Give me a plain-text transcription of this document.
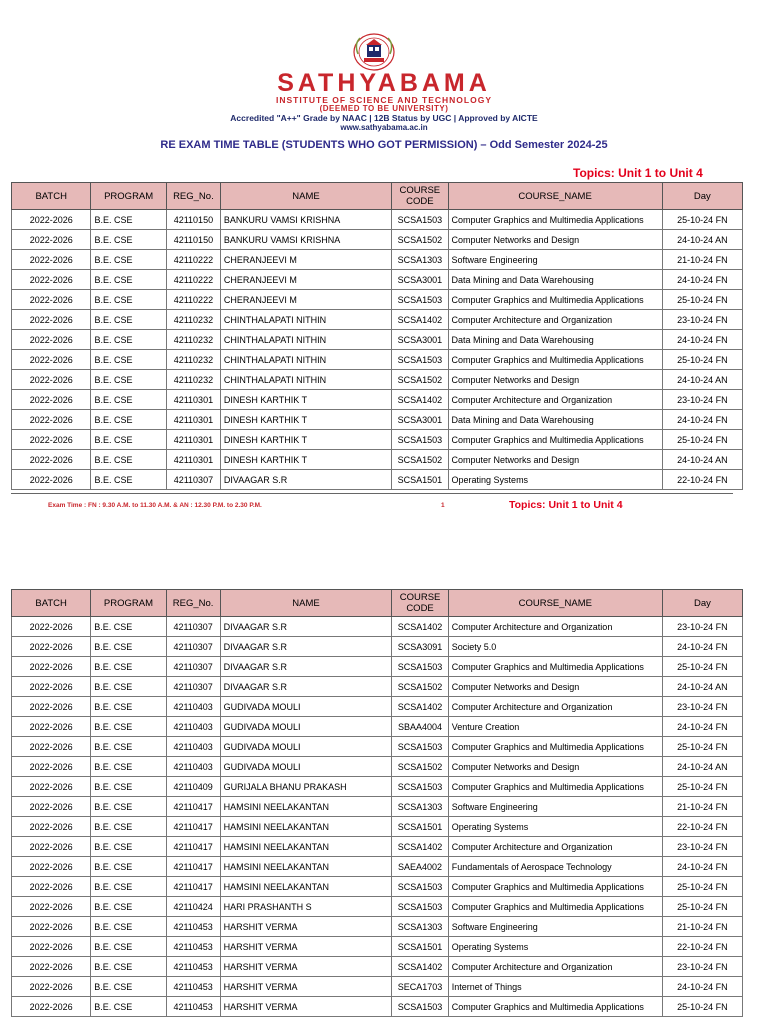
SATHYABAMA
INSTITUTE OF SCIENCE AND TECHNOLOGY
(DEEMED TO BE UNIVERSITY)
Accredited "A++" Grade by NAAC | 12B Status by UGC | Approved by AICTE
www.sathyabama.ac.in
RE EXAM TIME TABLE (STUDENTS WHO GOT PERMISSION) – Odd Semester 2024-25
Topics: Unit 1 to Unit 4
BATCH	PROGRAM	REG_No.	NAME	COURSE CODE	COURSE_NAME	Day
2022-2026	B.E. CSE	42110150	BANKURU VAMSI KRISHNA	SCSA1503	Computer Graphics and Multimedia Applications	25-10-24 FN
2022-2026	B.E. CSE	42110150	BANKURU VAMSI KRISHNA	SCSA1502	Computer Networks and Design	24-10-24 AN
2022-2026	B.E. CSE	42110222	CHERANJEEVI M	SCSA1303	Software Engineering	21-10-24 FN
2022-2026	B.E. CSE	42110222	CHERANJEEVI M	SCSA3001	Data Mining and Data Warehousing	24-10-24 FN
2022-2026	B.E. CSE	42110222	CHERANJEEVI M	SCSA1503	Computer Graphics and Multimedia Applications	25-10-24 FN
2022-2026	B.E. CSE	42110232	CHINTHALAPATI NITHIN	SCSA1402	Computer Architecture and Organization	23-10-24 FN
2022-2026	B.E. CSE	42110232	CHINTHALAPATI NITHIN	SCSA3001	Data Mining and Data Warehousing	24-10-24 FN
2022-2026	B.E. CSE	42110232	CHINTHALAPATI NITHIN	SCSA1503	Computer Graphics and Multimedia Applications	25-10-24 FN
2022-2026	B.E. CSE	42110232	CHINTHALAPATI NITHIN	SCSA1502	Computer Networks and Design	24-10-24 AN
2022-2026	B.E. CSE	42110301	DINESH KARTHIK T	SCSA1402	Computer Architecture and Organization	23-10-24 FN
2022-2026	B.E. CSE	42110301	DINESH KARTHIK T	SCSA3001	Data Mining and Data Warehousing	24-10-24 FN
2022-2026	B.E. CSE	42110301	DINESH KARTHIK T	SCSA1503	Computer Graphics and Multimedia Applications	25-10-24 FN
2022-2026	B.E. CSE	42110301	DINESH KARTHIK T	SCSA1502	Computer Networks and Design	24-10-24 AN
2022-2026	B.E. CSE	42110307	DIVAAGAR S.R	SCSA1501	Operating Systems	22-10-24 FN
Exam Time : FN : 9.30 A.M. to 11.30 A.M. & AN : 12.30 P.M. to 2.30 P.M.	1	Topics: Unit 1 to Unit 4
BATCH	PROGRAM	REG_No.	NAME	COURSE CODE	COURSE_NAME	Day
2022-2026	B.E. CSE	42110307	DIVAAGAR S.R	SCSA1402	Computer Architecture and Organization	23-10-24 FN
2022-2026	B.E. CSE	42110307	DIVAAGAR S.R	SCSA3091	Society 5.0	24-10-24 FN
2022-2026	B.E. CSE	42110307	DIVAAGAR S.R	SCSA1503	Computer Graphics and Multimedia Applications	25-10-24 FN
2022-2026	B.E. CSE	42110307	DIVAAGAR S.R	SCSA1502	Computer Networks and Design	24-10-24 AN
2022-2026	B.E. CSE	42110403	GUDIVADA MOULI	SCSA1402	Computer Architecture and Organization	23-10-24 FN
2022-2026	B.E. CSE	42110403	GUDIVADA MOULI	SBAA4004	Venture Creation	24-10-24 FN
2022-2026	B.E. CSE	42110403	GUDIVADA MOULI	SCSA1503	Computer Graphics and Multimedia Applications	25-10-24 FN
2022-2026	B.E. CSE	42110403	GUDIVADA MOULI	SCSA1502	Computer Networks and Design	24-10-24 AN
2022-2026	B.E. CSE	42110409	GURIJALA BHANU PRAKASH	SCSA1503	Computer Graphics and Multimedia Applications	25-10-24 FN
2022-2026	B.E. CSE	42110417	HAMSINI NEELAKANTAN	SCSA1303	Software Engineering	21-10-24 FN
2022-2026	B.E. CSE	42110417	HAMSINI NEELAKANTAN	SCSA1501	Operating Systems	22-10-24 FN
2022-2026	B.E. CSE	42110417	HAMSINI NEELAKANTAN	SCSA1402	Computer Architecture and Organization	23-10-24 FN
2022-2026	B.E. CSE	42110417	HAMSINI NEELAKANTAN	SAEA4002	Fundamentals of Aerospace Technology	24-10-24 FN
2022-2026	B.E. CSE	42110417	HAMSINI NEELAKANTAN	SCSA1503	Computer Graphics and Multimedia Applications	25-10-24 FN
2022-2026	B.E. CSE	42110424	HARI PRASHANTH S	SCSA1503	Computer Graphics and Multimedia Applications	25-10-24 FN
2022-2026	B.E. CSE	42110453	HARSHIT VERMA	SCSA1303	Software Engineering	21-10-24 FN
2022-2026	B.E. CSE	42110453	HARSHIT VERMA	SCSA1501	Operating Systems	22-10-24 FN
2022-2026	B.E. CSE	42110453	HARSHIT VERMA	SCSA1402	Computer Architecture and Organization	23-10-24 FN
2022-2026	B.E. CSE	42110453	HARSHIT VERMA	SECA1703	Internet of Things	24-10-24 FN
2022-2026	B.E. CSE	42110453	HARSHIT VERMA	SCSA1503	Computer Graphics and Multimedia Applications	25-10-24 FN
